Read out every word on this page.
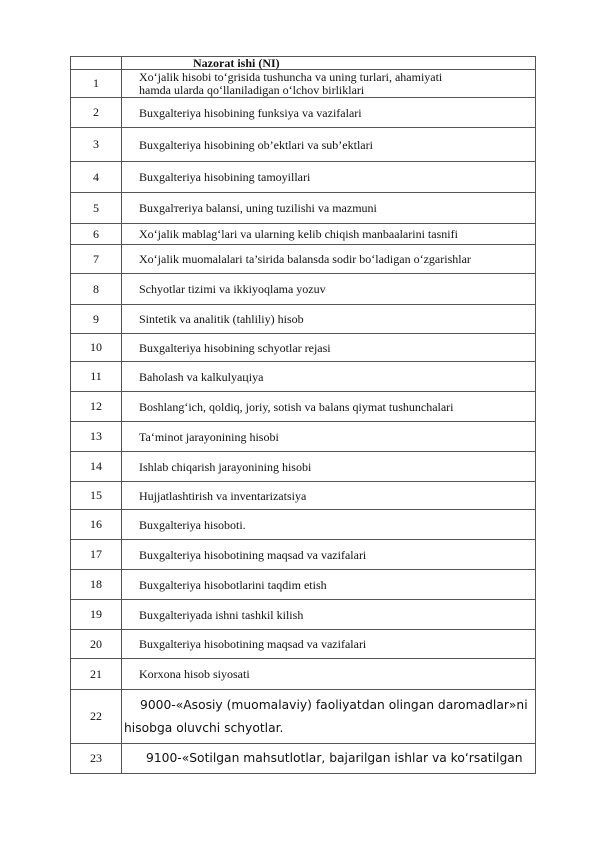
	Nazorat ishi (NI)
1	Xo‘jalik hisobi to‘grisida tushuncha va uning turlari, ahamiyati
hamda ularda qo‘llaniladigan o‘lchov birliklari
2	Buxgalteriya hisobining funksiya va vazifalari
3	Buxgalteriya hisobining ob’ektlari va sub’ektlari
4	Buxgalteriya hisobining tamoyillari
5	Buxgalтeriya balansi, uning tuzilishi va mazmuni
6	Xo‘jalik mablag‘lari va ularning kelib chiqish manbaalarini tasnifi
7	Xo‘jalik muomalalari ta’sirida balansda sodir bo‘ladigan o‘zgarishlar
8	Schyotlar tizimi va ikkiyoqlama yozuv
9	Sintetik va analitik (tahliliy) hisob
10	Buxgalteriya hisobining schyotlar rejasi
11	Baholash va kalkulyaцiya
12	Boshlang‘ich, qoldiq, joriy, sotish va balans qiymat tushunchalari
13	Ta‘minot jarayonining hisobi
14	Ishlab chiqarish jarayonining hisobi
15	Hujjatlashtirish va inventarizatsiya
16	Buxgalteriya hisoboti.
17	Buxgalteriya hisobotining maqsad va vazifalari
18	Buxgalteriya hisobotlarini taqdim etish
19	Buxgalteriyada ishni tashkil kilish
20	Buxgalteriya hisobotining maqsad va vazifalari
21	Korxona hisob siyosati
22	9000-«Asosiy (muomalaviy) faoliyatdan olingan daromadlar»ni
hisobga oluvchi schyotlar.
23	9100-«Sotilgan mahsutlotlar, bajarilgan ishlar va ko‘rsatilgan
